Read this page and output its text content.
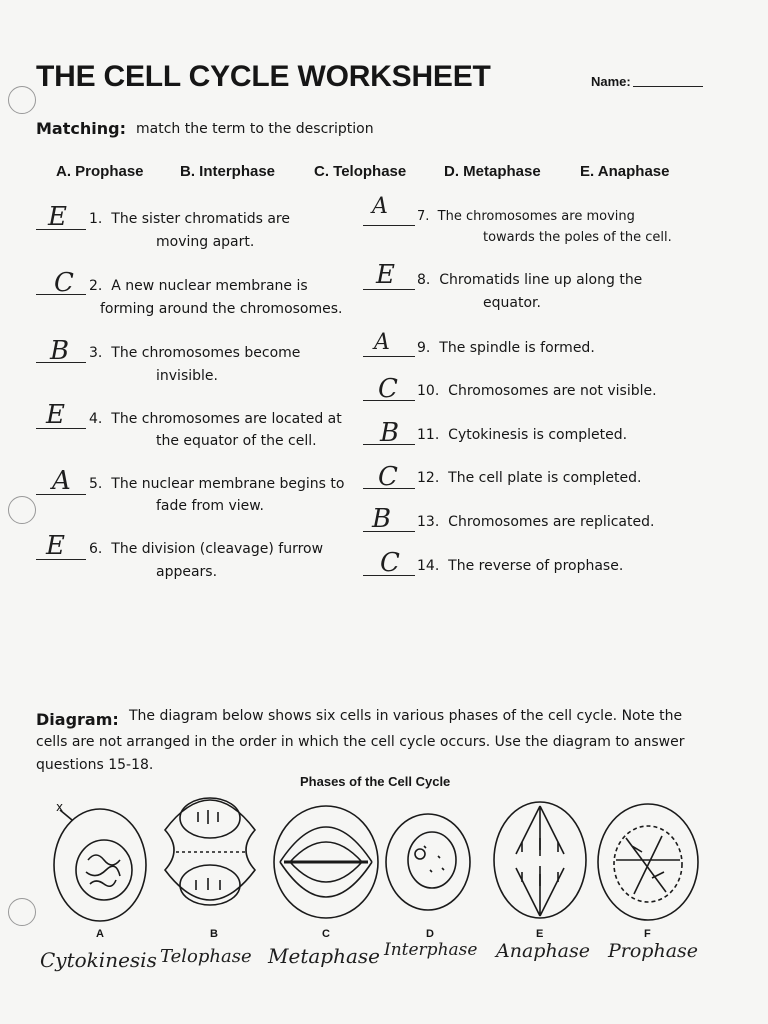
THE CELL CYCLE WORKSHEET	Name:
Matching: match the term to the description
A. Prophase B. Interphase	C. Telophase	D. Metaphase	E. Anaphase
E 1. The sister chromatids are
moving apart.
C 2. A new nuclear membrane is
forming around the chromosomes.
B 3. The chromosomes become
invisible.
E 4. The chromosomes are located at
the equator of the cell.
A 5. The nuclear membrane begins to
fade from view.
E 6. The division (cleavage) furrow
appears.
A 7. The chromosomes are moving
towards the poles of the cell.
E 8. Chromatids line up along the
equator.
A 9. The spindle is formed.
C 10. Chromosomes are not visible.
B 11. Cytokinesis is completed.
C 12. The cell plate is completed.
B 13. Chromosomes are replicated.
C 14. The reverse of prophase.
Diagram: The diagram below shows six cells in various phases of the cell cycle. Note the
cells are not arranged in the order in which the cell cycle occurs. Use the diagram to answer
questions 15-18.
Phases of the Cell Cycle
x
A	B	C	D	E	F
Cytokinesis Telophase Metaphase Interphase Anaphase Prophase
